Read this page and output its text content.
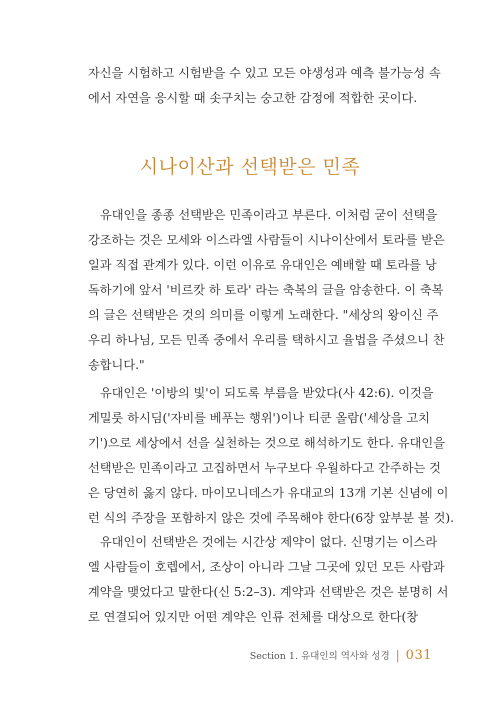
자신을 시험하고 시험받을 수 있고 모든 야생성과 예측 불가능성 속
에서 자연을 응시할 때 솟구치는 숭고한 감정에 적합한 곳이다.

시나이산과 선택받은 민족

유대인을 종종 선택받은 민족이라고 부른다. 이처럼 굳이 선택을
강조하는 것은 모세와 이스라엘 사람들이 시나이산에서 토라를 받은
일과 직접 관계가 있다. 이런 이유로 유대인은 예배할 때 토라를 낭
독하기에 앞서 '비르캇 하 토라' 라는 축복의 글을 암송한다. 이 축복
의 글은 선택받은 것의 의미를 이렇게 노래한다. "세상의 왕이신 주
우리 하나님, 모든 민족 중에서 우리를 택하시고 율법을 주셨으니 찬
송합니다."

유대인은 '이방의 빛'이 되도록 부름을 받았다(사 42:6). 이것을
게밀룻 하시딤('자비를 베푸는 행위')이나 티쿤 올람('세상을 고치
기')으로 세상에서 선을 실천하는 것으로 해석하기도 한다. 유대인을
선택받은 민족이라고 고집하면서 누구보다 우월하다고 간주하는 것
은 당연히 옳지 않다. 마이모니데스가 유대교의 13개 기본 신념에 이
런 식의 주장을 포함하지 않은 것에 주목해야 한다(6장 앞부분 볼 것).

유대인이 선택받은 것에는 시간상 제약이 없다. 신명기는 이스라
엘 사람들이 호렙에서, 조상이 아니라 그날 그곳에 있던 모든 사람과
계약을 맺었다고 말한다(신 5:2–3). 계약과 선택받은 것은 분명히 서
로 연결되어 있지만 어떤 계약은 인류 전체를 대상으로 한다(창

Section 1. 유대인의 역사와 성경 | 031
